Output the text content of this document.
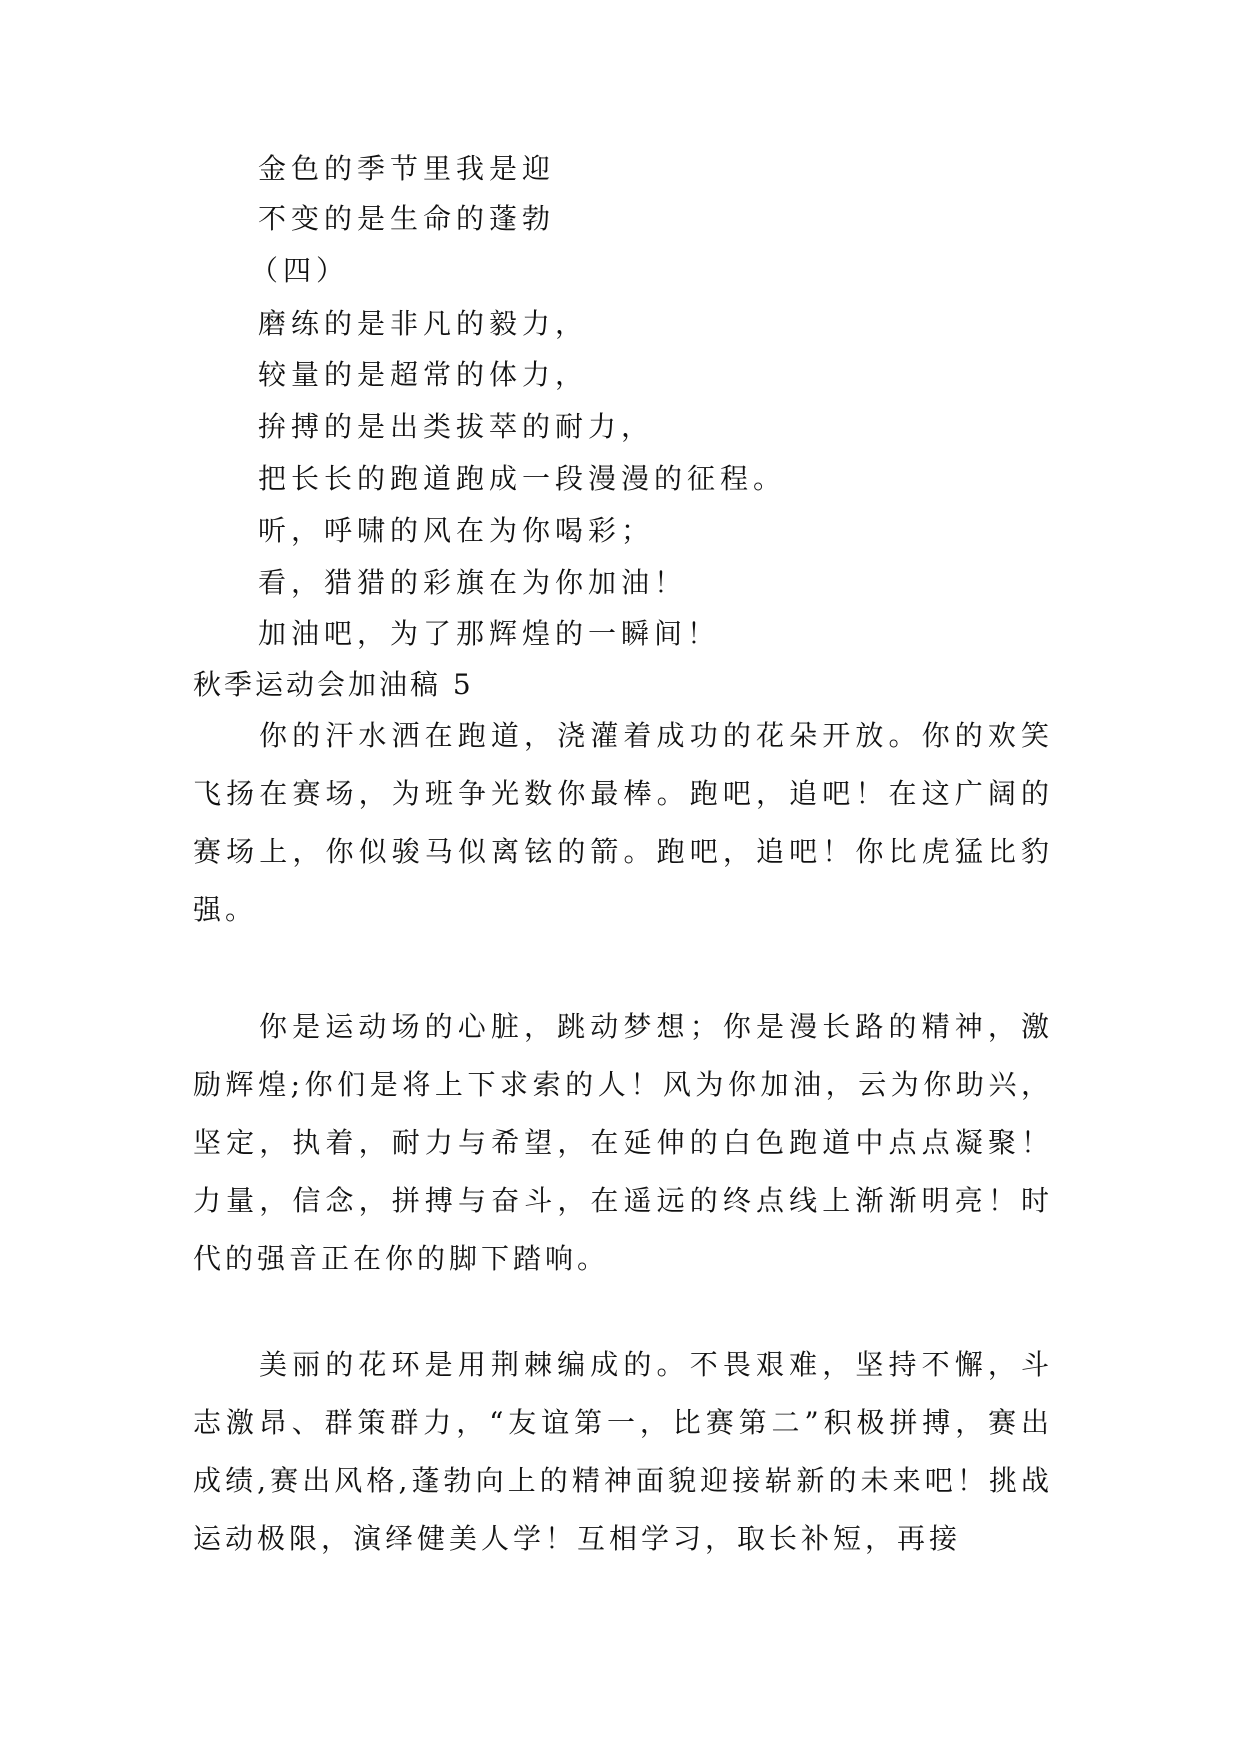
金色的季节里我是迎
不变的是生命的蓬勃
（四）
磨练的是非凡的毅力，
较量的是超常的体力，
拚搏的是出类拔萃的耐力，
把长长的跑道跑成一段漫漫的征程。
听，呼啸的风在为你喝彩；
看，猎猎的彩旗在为你加油！
加油吧，为了那辉煌的一瞬间！
秋季运动会加油稿 5
你的汗水洒在跑道，浇灌着成功的花朵开放。你的欢笑飞扬在赛场，为班争光数你最棒。跑吧，追吧！在这广阔的赛场上，你似骏马似离铉的箭。跑吧，追吧！你比虎猛比豹强。
你是运动场的心脏，跳动梦想；你是漫长路的精神，激励辉煌;你们是将上下求索的人！风为你加油，云为你助兴，坚定，执着，耐力与希望，在延伸的白色跑道中点点凝聚！力量，信念，拼搏与奋斗，在遥远的终点线上渐渐明亮！时代的强音正在你的脚下踏响。
美丽的花环是用荆棘编成的。不畏艰难，坚持不懈，斗志激昂、群策群力，“友谊第一，比赛第二”积极拼搏，赛出成绩,赛出风格,蓬勃向上的精神面貌迎接崭新的未来吧！挑战运动极限，演绎健美人学！互相学习，取长补短，再接
